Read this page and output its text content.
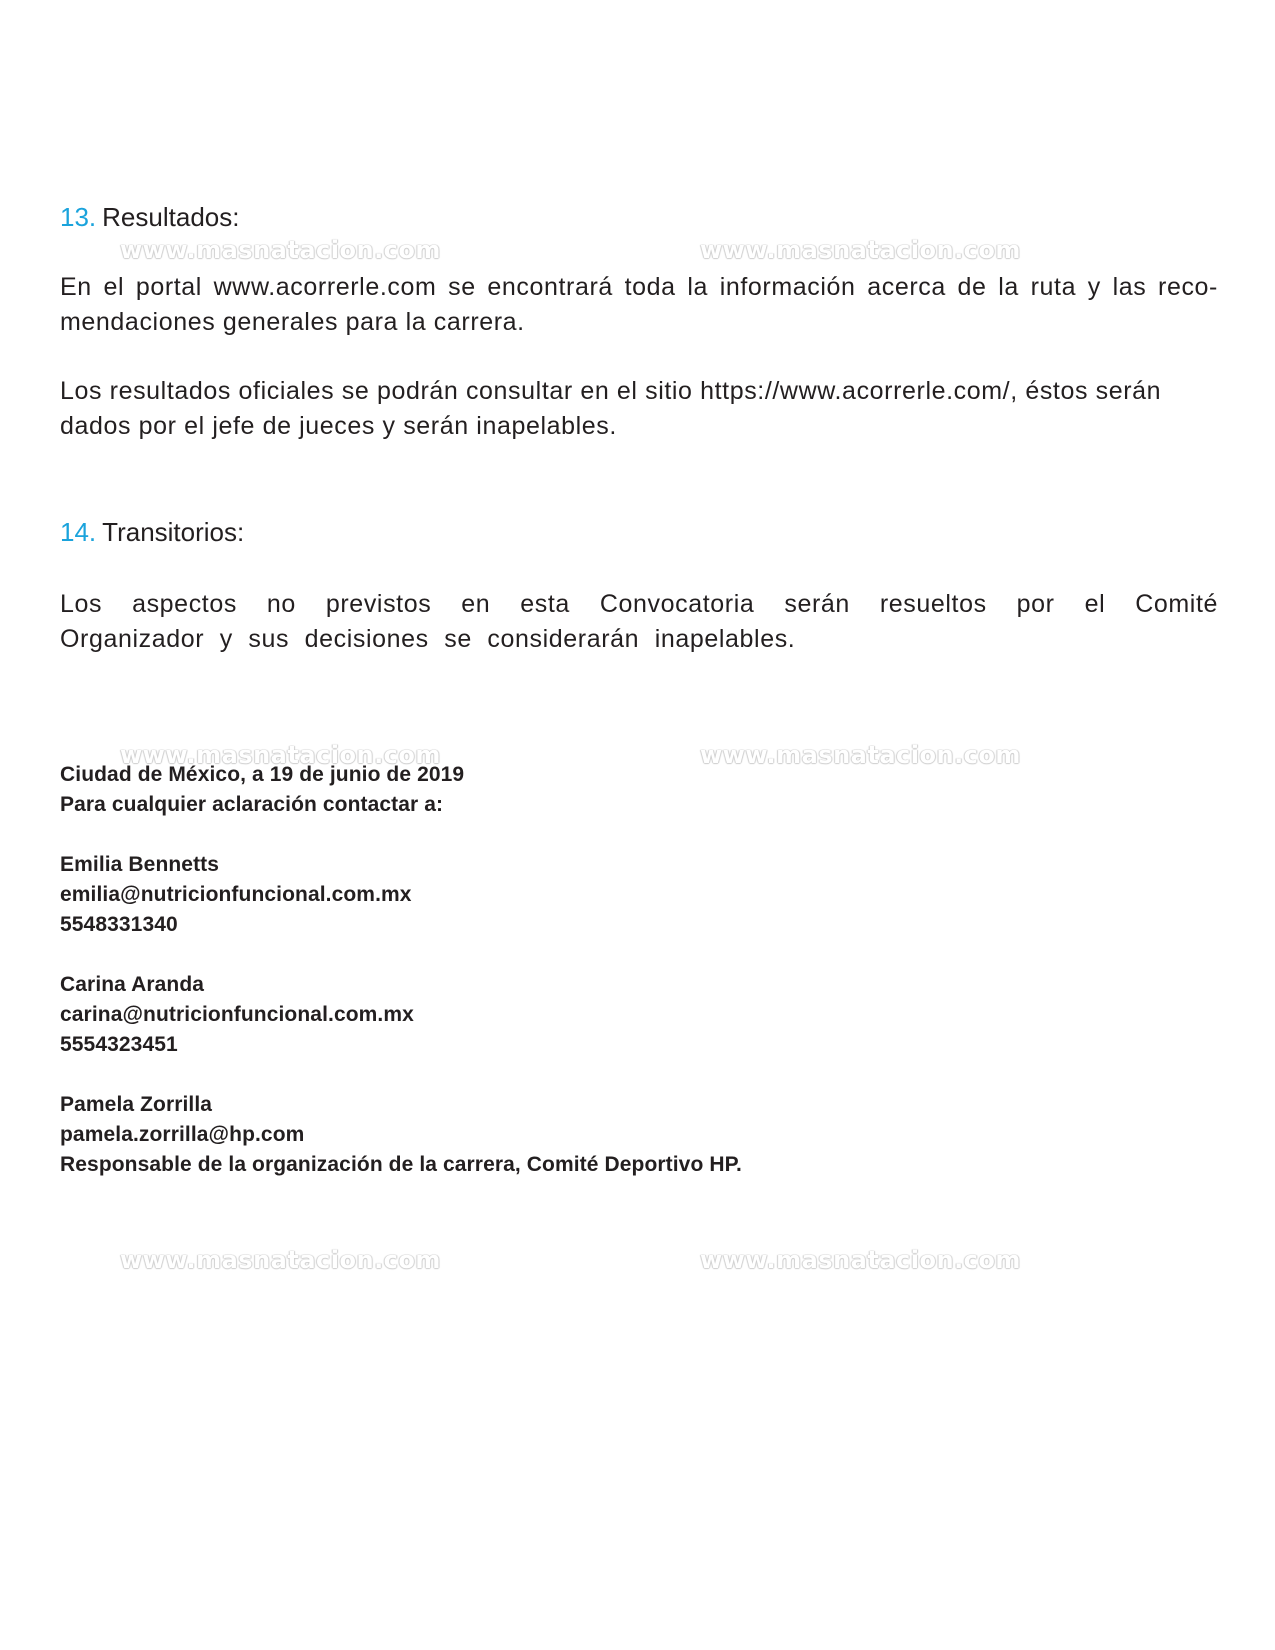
www.masnatacion.com	www.masnatacion.com
www.masnatacion.com	www.masnatacion.com
www.masnatacion.com	www.masnatacion.com
13. Resultados:
En el portal www.acorrerle.com se encontrará toda la información acerca de la ruta y las reco-mendaciones generales para la carrera.
Los resultados oficiales se podrán consultar en el sitio https://www.acorrerle.com/, éstos serán dados por el jefe de jueces y serán inapelables.
14. Transitorios:
Los aspectos no previstos en esta Convocatoria serán resueltos por el Comité Organizador y sus decisiones se considerarán inapelables.
Ciudad de México, a 19 de junio de 2019
Para cualquier aclaración contactar a:
Emilia Bennetts
emilia@nutricionfuncional.com.mx
5548331340
Carina Aranda
carina@nutricionfuncional.com.mx
5554323451
Pamela Zorrilla
pamela.zorrilla@hp.com
Responsable de la organización de la carrera, Comité Deportivo HP.
